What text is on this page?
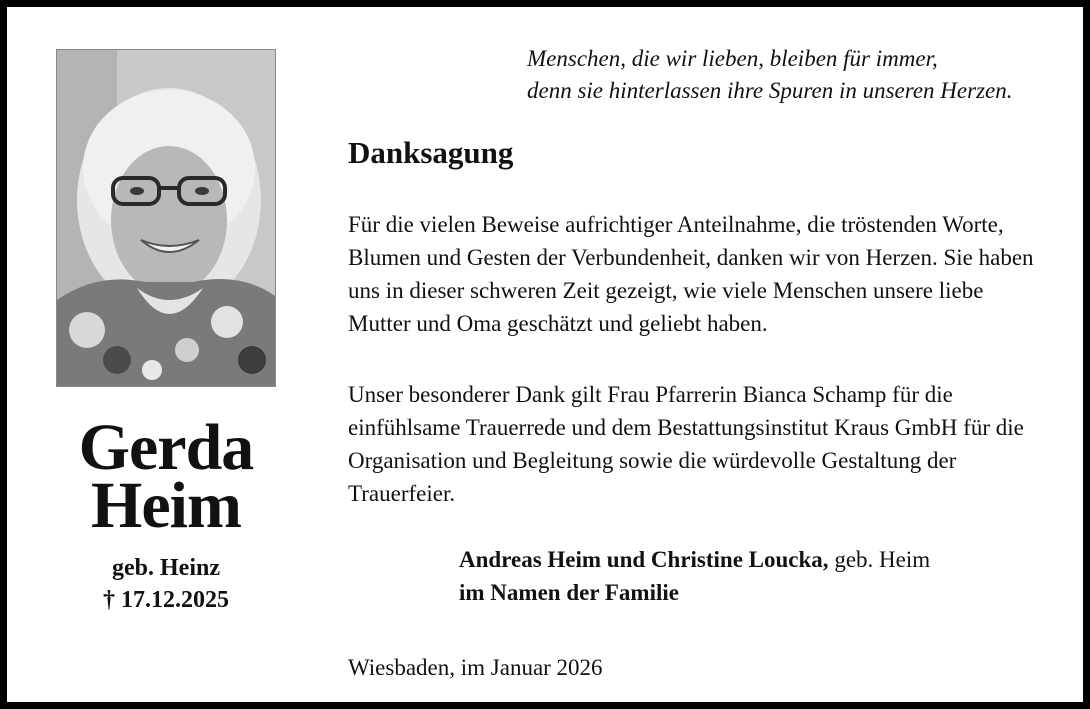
Gerda
Heim
geb. Heinz
† 17.12.2025
Menschen, die wir lieben, bleiben für immer,
denn sie hinterlassen ihre Spuren in unseren Herzen.
Danksagung

Für die vielen Beweise aufrichtiger Anteilnahme, die tröstenden Worte, Blumen und Gesten der Verbundenheit, danken wir von Herzen. Sie haben uns in dieser schweren Zeit gezeigt, wie viele Menschen unsere liebe Mutter und Oma geschätzt und geliebt haben.

Unser besonderer Dank gilt Frau Pfarrerin Bianca Schamp für die einfühlsame Trauerrede und dem Bestattungsinstitut Kraus GmbH für die Organisation und Begleitung sowie die würdevolle Gestaltung der Trauerfeier.

Andreas Heim und Christine Loucka, geb. Heim
im Namen der Familie
Wiesbaden, im Januar 2026
